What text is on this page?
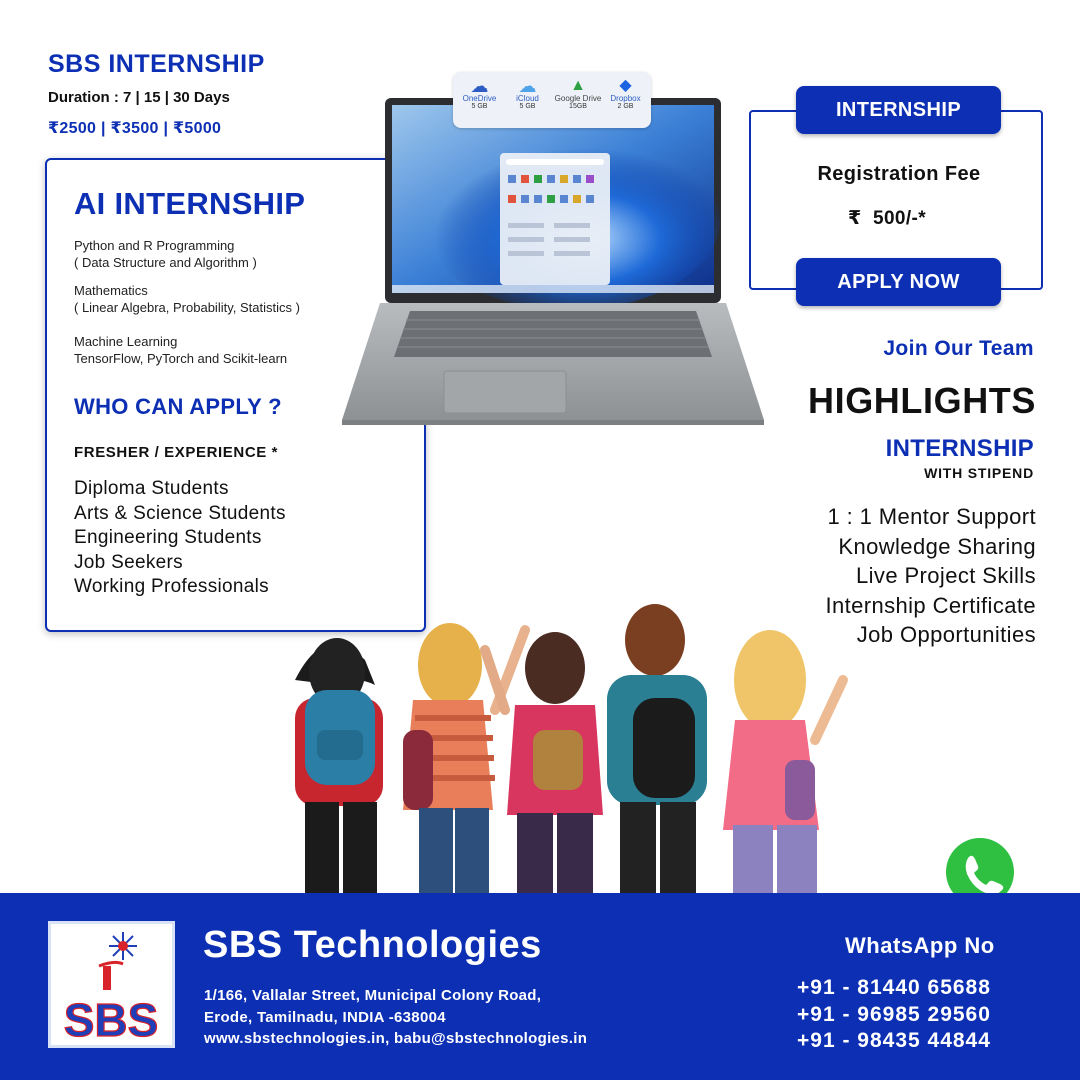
SBS INTERNSHIP
Duration : 7 | 15 | 30 Days
₹2500 | ₹3500 | ₹5000
AI INTERNSHIP
Python and R Programming
( Data Structure and Algorithm )
Mathematics
( Linear Algebra, Probability, Statistics )
Machine Learning
TensorFlow, PyTorch and Scikit-learn
WHO CAN APPLY ?
FRESHER / EXPERIENCE *
Diploma Students
Arts & Science Students
Engineering Students
Job Seekers
Working Professionals
☁
OneDrive
5 GB
☁
iCloud
5 GB
▲
Google Drive
15GB
◆
Dropbox
2 GB	INTERNSHIP
Registration Fee
₹  500/-*
APPLY NOW
Join Our Team
HIGHLIGHTS
INTERNSHIP
WITH STIPEND
1 : 1 Mentor Support
Knowledge Sharing
Live Project Skills
Internship Certificate
Job Opportunities
SBS
SBS Technologies
1/166, Vallalar Street, Municipal Colony Road,
Erode, Tamilnadu, INDIA -638004
www.sbstechnologies.in, babu@sbstechnologies.in
WhatsApp No
+91 - 81440 65688
+91 - 96985 29560
+91 - 98435 44844
